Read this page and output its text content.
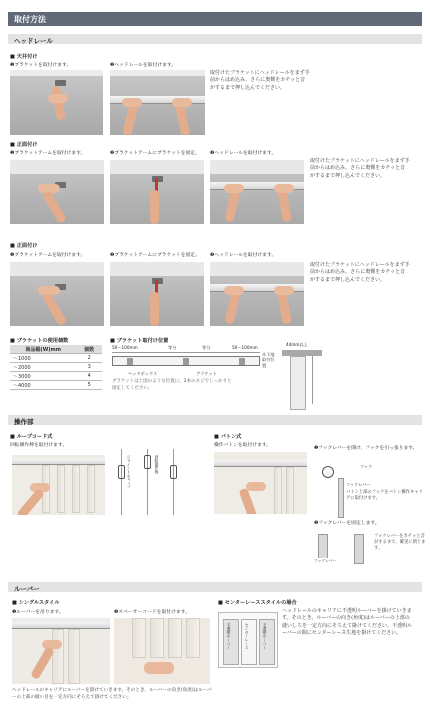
取付方法
ヘッドレール
■ 天井付け
❶ブラケットを取付けます。	❷ヘッドレールを取付けます。
取付けたブラケットにヘッドレールをまず手前からはめ込み、さらに奥側をカチッと音がするまで押し込んでください。
■ 正面付け
❶ブラケットアームを取付けます。	❷ブラケットアームにブラケットを固定。 ❸ヘッドレールを取付けます。
取付けたブラケットにヘッドレールをまず手前からはめ込み、さらに奥側をカチッと音がするまで押し込んでください。
■ 正面付け
❶ブラケットアームを取付けます。	❷ブラケットアームにブラケットを固定。 ❸ヘッドレールを取付けます。
取付けたブラケットにヘッドレールをまず手前からはめ込み、さらに奥側をカチッと音がするまで押し込んでください。
■ ブラケットの使用個数
商品幅(W)mm	個数
～1000	2
～2000	3
～3000	4
～4000	5
■ ブラケット取付け位置
50～100mm	等分	等分	50～100mm
ヘッドボックス	ブラケット
ブラケットは上図のような位置に、2本のネジでしっかりと固定してください。
44mm以上
木下地
取付位置
操作部
■ ループコード式
回転操作棒を取付けます。
ジョイントキャップ	回転操作棒
■ バトン式
操作バトンを取付けます。
❶フックレバーを開け、フックを引っ張ります。
フック
フックレバー
バトン上部のフックをバトン操作キャリアに取付けます。
❷フックレバーを固定します。
フックレバー
フックレバーをカチッと音がするまで、確実に閉じます。
ルーバー
■ シングルスタイル
❶ルーバーを吊ります。	❷スペーサーコードを取付けます。
ヘッドレールのキャリアにルーバーを掛けていきます。そのとき、ルーバーの向き(角度)はルーバーの上部の縫い目を一定方向にそろえて掛けてください。
■ センターレーススタイルの場合
不透明ルーバー	センターレース	不透明ルーバー
ヘッドレールのキャリアに不透明ルーバーを掛けていきます。そのとき、ルーバーの向き(角度)はルーバーの上部の縫いしろを一定方向にそろえて掛けてください。不透明ルーバーの間にセンターレース生地を掛けてください。
